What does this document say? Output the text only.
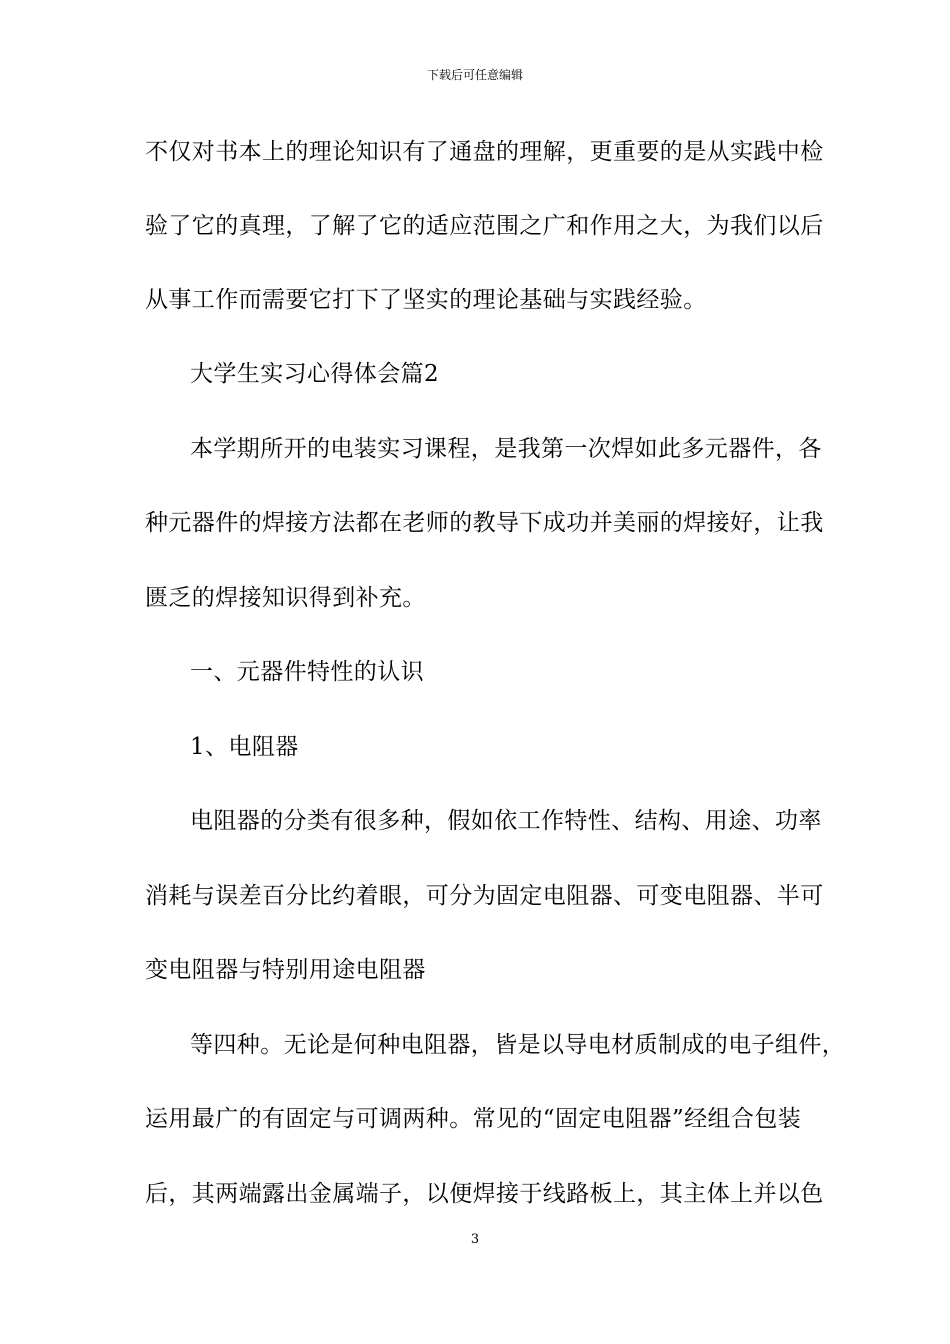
下载后可任意编辑
不仅对书本上的理论知识有了通盘的理解，更重要的是从实践中检
验了它的真理，了解了它的适应范围之广和作用之大，为我们以后
从事工作而需要它打下了坚实的理论基础与实践经验。
大学生实习心得体会篇2
本学期所开的电装实习课程，是我第一次焊如此多元器件，各
种元器件的焊接方法都在老师的教导下成功并美丽的焊接好，让我
匮乏的焊接知识得到补充。
一、元器件特性的认识
1、电阻器
电阻器的分类有很多种，假如依工作特性、结构、用途、功率
消耗与误差百分比约着眼，可分为固定电阻器、可变电阻器、半可
变电阻器与特别用途电阻器
等四种。无论是何种电阻器，皆是以导电材质制成的电子组件，
运用最广的有固定与可调两种。常见的“固定电阻器”经组合包装
后，其两端露出金属端子，以便焊接于线路板上，其主体上并以色
3
